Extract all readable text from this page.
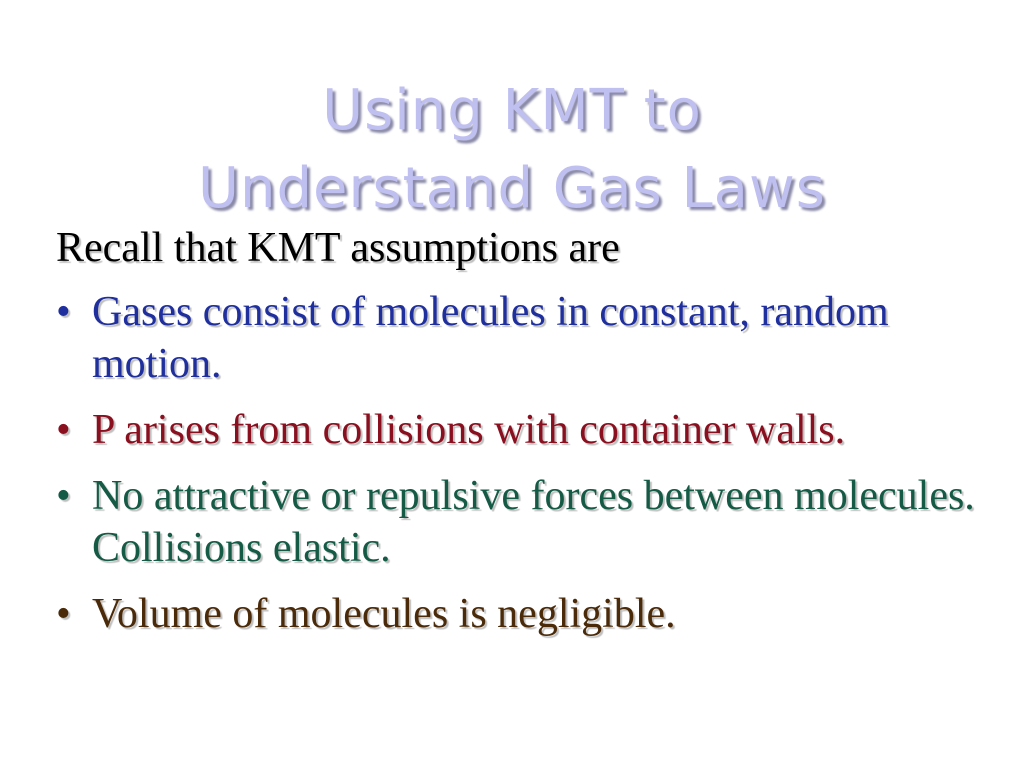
Using KMT to
Understand Gas Laws
Recall that KMT assumptions are
• Gases consist of molecules in constant, random motion.
• P arises from collisions with container walls.
• No attractive or repulsive forces between molecules. Collisions elastic.
• Volume of molecules is negligible.
